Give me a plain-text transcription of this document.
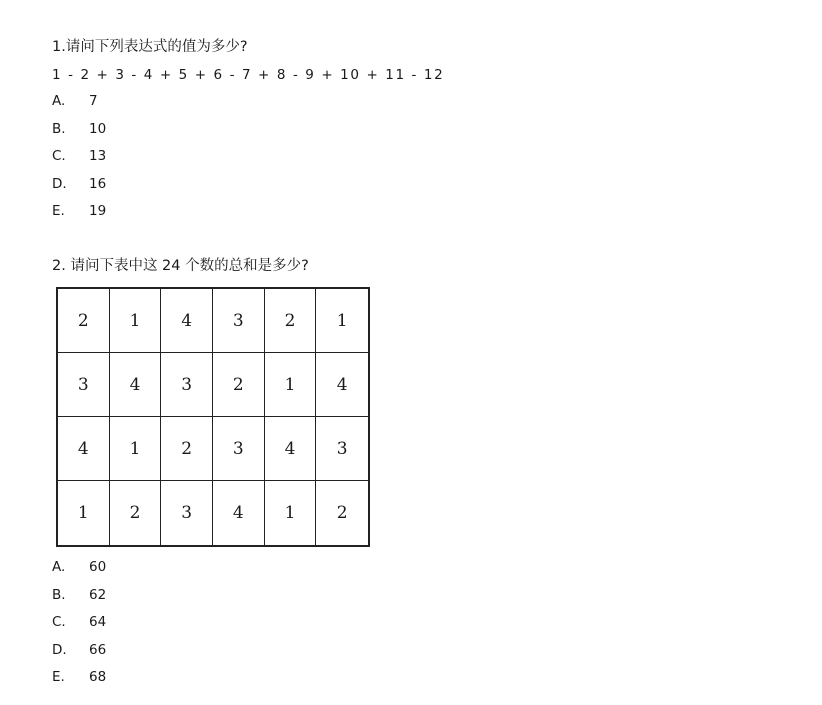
1.请问下列表达式的值为多少?
1 - 2 + 3 - 4 + 5 + 6 - 7 + 8 - 9 + 10 + 11 - 12
A. 7
B. 10
C. 13
D. 16
E. 19
2. 请问下表中这 24 个数的总和是多少?
2	1	4	3	2	1
3	4	3	2	1	4
4	1	2	3	4	3
1	2	3	4	1	2
A. 60
B. 62
C. 64
D. 66
E. 68
